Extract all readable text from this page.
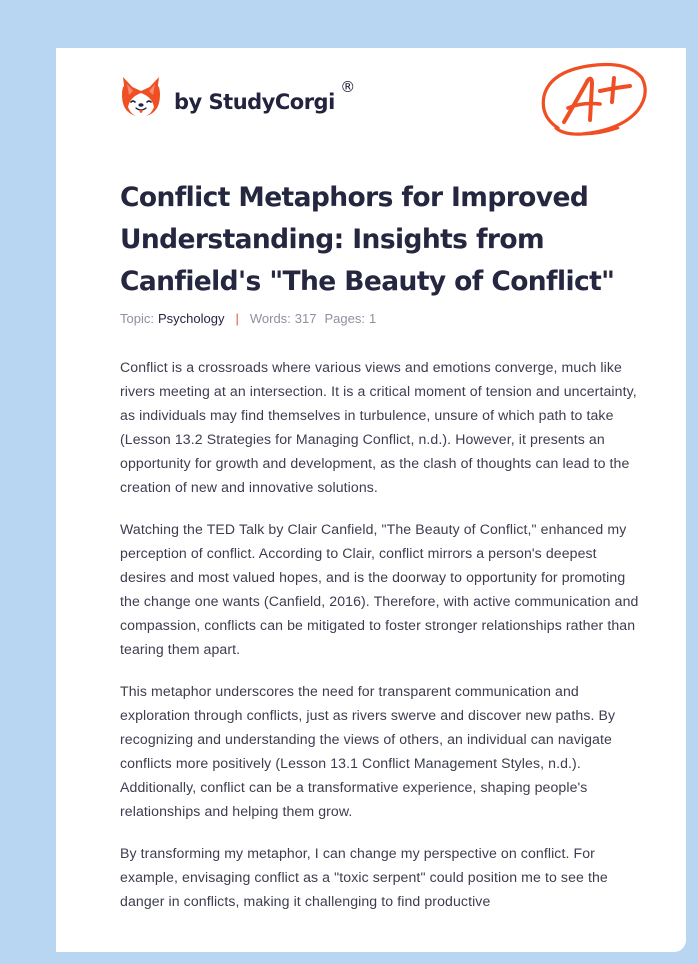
by StudyCorgi
®
Conflict Metaphors for Improved Understanding: Insights from Canfield's "The Beauty of Conflict"
Topic: Psychology | Words: 317 Pages: 1

Conflict is a crossroads where various views and emotions converge, much like rivers meeting at an intersection. It is a critical moment of tension and uncertainty, as individuals may find themselves in turbulence, unsure of which path to take (Lesson 13.2 Strategies for Managing Conflict, n.d.). However, it presents an opportunity for growth and development, as the clash of thoughts can lead to the creation of new and innovative solutions.

Watching the TED Talk by Clair Canfield, "The Beauty of Conflict," enhanced my perception of conflict. According to Clair, conflict mirrors a person's deepest desires and most valued hopes, and is the doorway to opportunity for promoting the change one wants (Canfield, 2016). Therefore, with active communication and compassion, conflicts can be mitigated to foster stronger relationships rather than tearing them apart.

This metaphor underscores the need for transparent communication and exploration through conflicts, just as rivers swerve and discover new paths. By recognizing and understanding the views of others, an individual can navigate conflicts more positively (Lesson 13.1 Conflict Management Styles, n.d.). Additionally, conflict can be a transformative experience, shaping people's relationships and helping them grow.

By transforming my metaphor, I can change my perspective on conflict. For example, envisaging conflict as a "toxic serpent" could position me to see the danger in conflicts, making it challenging to find productive
